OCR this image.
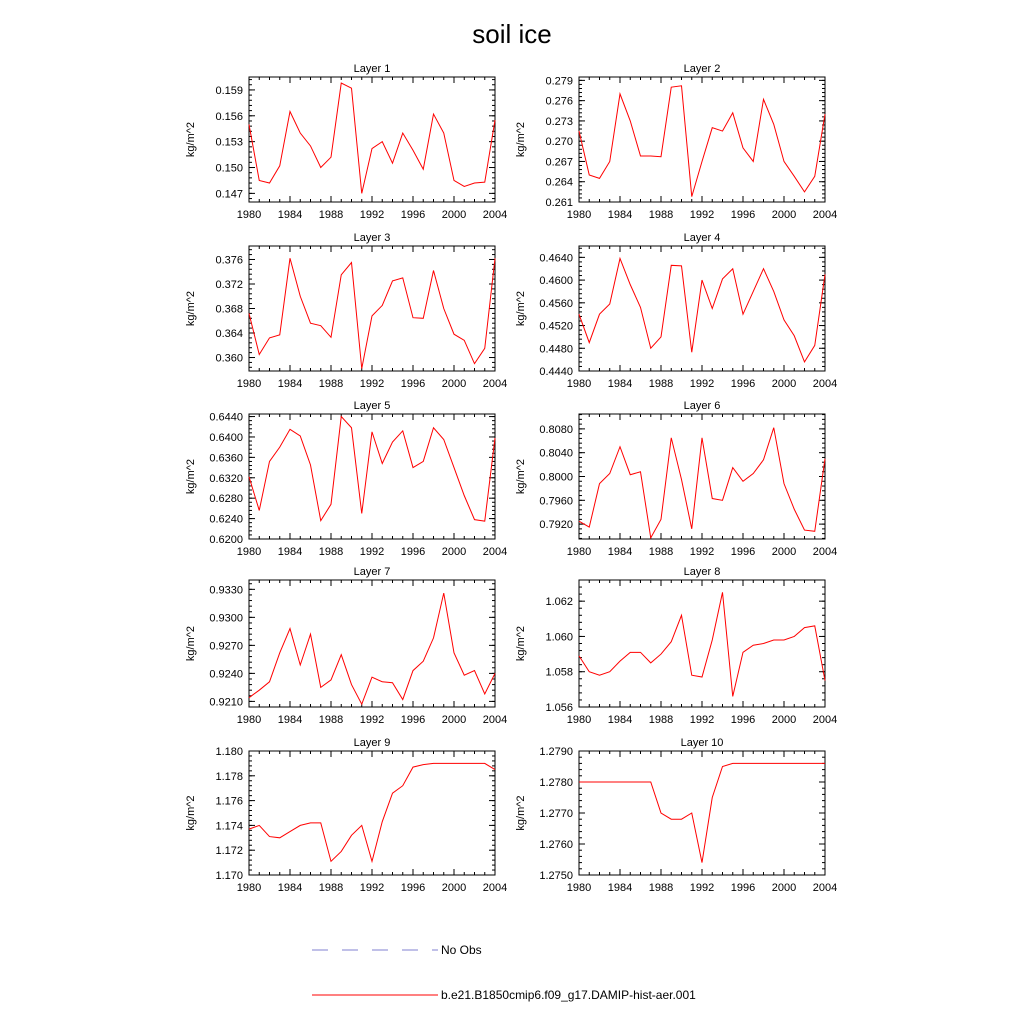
soil ice
Layer 1
kg/m^2
1980 1984 1988 1992 1996 2000 2004
0.147
0.150
0.153
0.156
0.159
Layer 2
kg/m^2
1980 1984 1988 1992 1996 2000 2004
0.261
0.264
0.267
0.270
0.273
0.276
0.279
Layer 3
kg/m^2
1980 1984 1988 1992 1996 2000 2004
0.360
0.364
0.368
0.372
0.376
Layer 4
kg/m^2
1980 1984 1988 1992 1996 2000 2004
0.4440
0.4480
0.4520
0.4560
0.4600
0.4640
Layer 5
kg/m^2
1980 1984 1988 1992 1996 2000 2004
0.6200
0.6240
0.6280
0.6320
0.6360
0.6400
0.6440
Layer 6
kg/m^2
1980 1984 1988 1992 1996 2000 2004
0.7920
0.7960
0.8000
0.8040
0.8080
Layer 7
kg/m^2
1980 1984 1988 1992 1996 2000 2004
0.9210
0.9240
0.9270
0.9300
0.9330
Layer 8
kg/m^2
1980 1984 1988 1992 1996 2000 2004
1.056
1.058
1.060
1.062
Layer 9
kg/m^2
1980 1984 1988 1992 1996 2000 2004
1.170
1.172
1.174
1.176
1.178
1.180
Layer 10
kg/m^2
1980 1984 1988 1992 1996 2000 2004
1.2750
1.2760
1.2770
1.2780
1.2790
No Obs
b.e21.B1850cmip6.f09_g17.DAMIP-hist-aer.001
